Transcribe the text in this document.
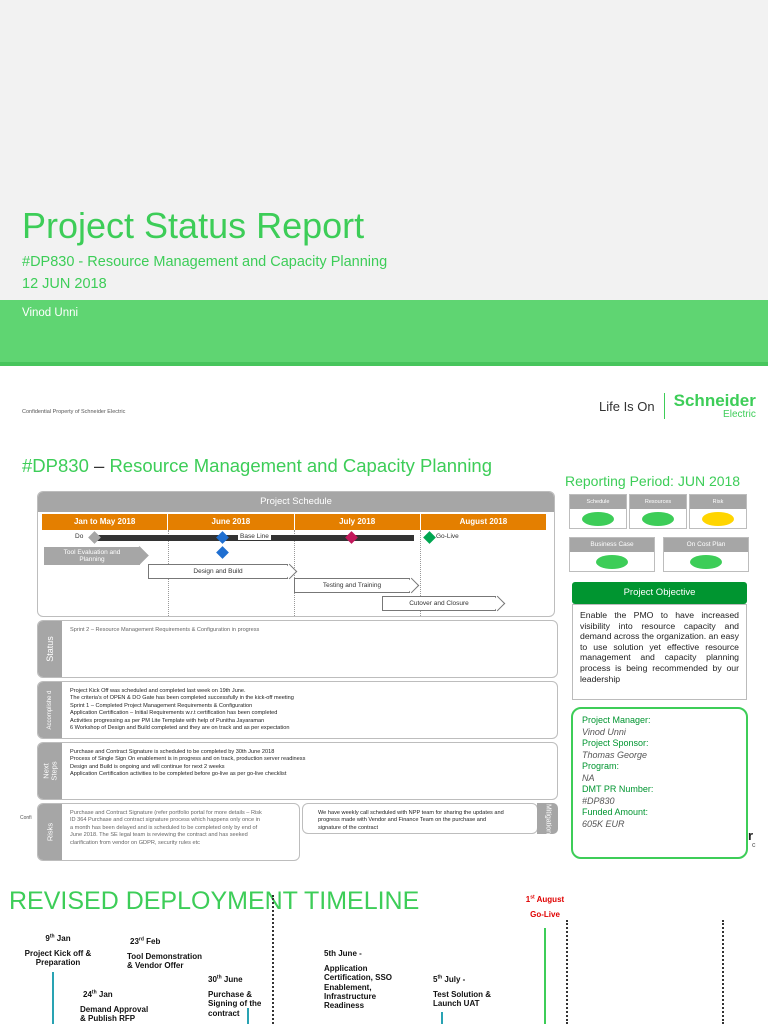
Project Status Report
#DP830 - Resource Management and Capacity Planning
12 JUN 2018
Vinod Unni
Confidential Property of Schneider Electric	Life Is On Schneider
Electric
#DP830 – Resource Management and Capacity Planning
Reporting Period: JUN 2018
Project Schedule
Jan to May 2018	June 2018	July 2018	August 2018
Do	Base Line	Go-Live
Tool Evaluation and
Planning
Design and Build
Testing and Training
Cutover and Closure
Schedule	Resources	Risk
Business Case	On Cost Plan
Project Objective
Enable the PMO to have increased visibility into resource capacity and demand across the organization. an easy to use solution yet effective resource management and capacity planning process is being recommended by our leadership
Project Manager:
Vinod Unni
Project Sponsor:
Thomas George
Program:
NA
DMT PR Number:
#DP830
Funded Amount:
605K EUR
r
c
Status
Sprint 2 – Resource Management Requirements & Configuration in progress
Accomplishe d	Project Kick Off was scheduled and completed last week on 19th June.
The criteria's of OPEN & DO Gate has been completed successfully in the kick-off meeting
Sprint 1 – Completed Project Management Requirements & Configuration
Application Certification – Initial Requirements w.r.t certification has been completed
Activities progressing as per PM Lite Template with help of Punitha Jayaraman
6 Workshop of Design and Build completed and they are on track and as per expectation
Next Steps
Purchase and Contract Signature is scheduled to be completed by 30th June 2018
Process of Single Sign On enablement is in progress and on track, production server readiness
Design and Build is ongoing and will continue for next 2 weeks
Application Certification activities to be completed before go-live as per go-live checklist
Risks
Purchase and Contract Signature (refer portfolio portal for more details – Risk
ID 364 Purchase and contract signature process which happens only once in
a month has been delayed and is scheduled to be completed only by end of
June 2018. The SE legal team is reviewing the contract and has seeked
clarification from vendor on GDPR, security rules etc
We have weekly call scheduled with NPP team for sharing the updates and
progress made with Vendor and Finance Team on the purchase and
signature of the contract	Mitigation
Confi
REVISED DEPLOYMENT TIMELINE
9th Jan
Project Kick off &
Preparation
23rd Feb
Tool Demonstration
& Vendor Offer
24th Jan
Demand Approval
& Publish RFP
30th June
Purchase &
Signing of the
contract
5th June -
Application
Certification, SSO
Enablement,
Infrastructure
Readiness
5th July -
Test Solution &
Launch UAT
1st August
Go-Live
